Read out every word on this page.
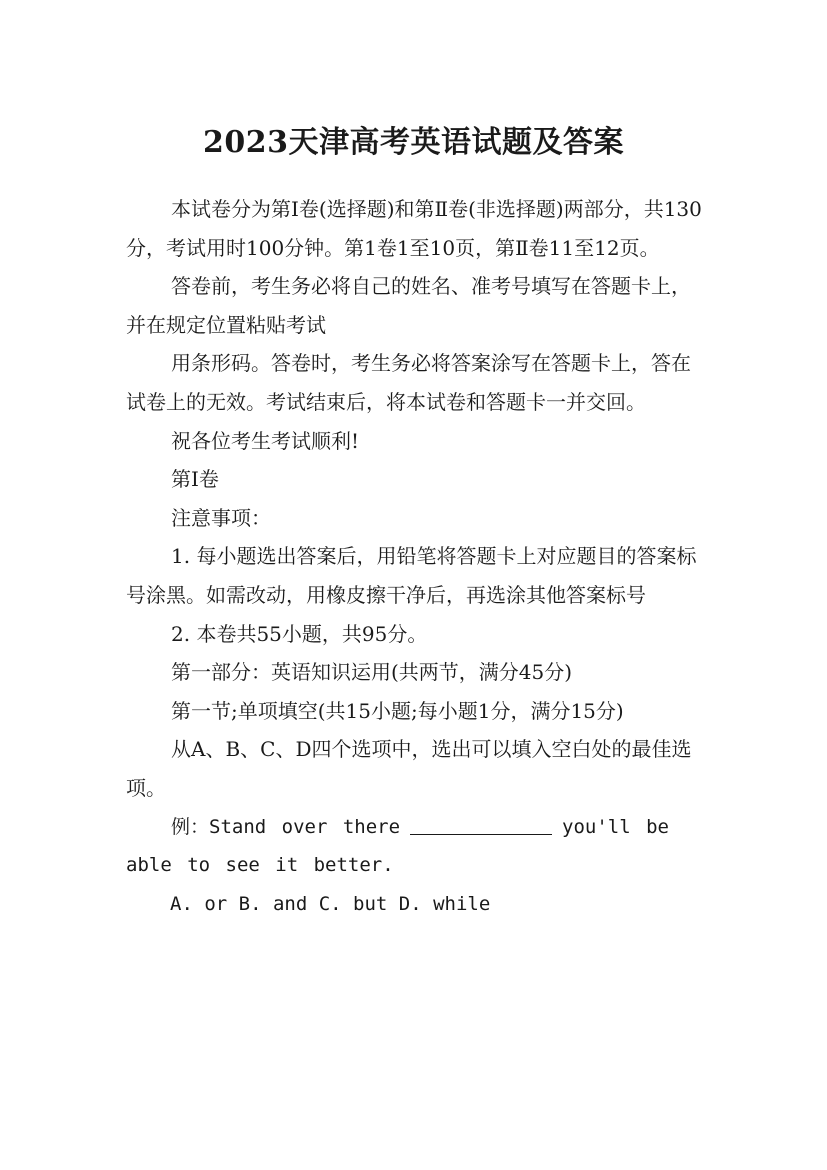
2023天津高考英语试题及答案

本试卷分为第Ⅰ卷(选择题)和第Ⅱ卷(非选择题)两部分，共130分，考试用时100分钟。第1卷1至10页，第Ⅱ卷11至12页。

答卷前，考生务必将自己的姓名、准考号填写在答题卡上，并在规定位置粘贴考试

用条形码。答卷时，考生务必将答案涂写在答题卡上，答在试卷上的无效。考试结束后，将本试卷和答题卡一并交回。

祝各位考生考试顺利!

第Ⅰ卷

注意事项：

1. 每小题选出答案后，用铅笔将答题卡上对应题目的答案标号涂黑。如需改动，用橡皮擦干净后，再选涂其他答案标号

2. 本卷共55小题，共95分。

第一部分：英语知识运用(共两节，满分45分)

第一节;单项填空(共15小题;每小题1分，满分15分)

从A、B、C、D四个选项中，选出可以填入空白处的最佳选项。

例：Stand over there	you'll be able to see it better.

A. or B. and C. but D. while
